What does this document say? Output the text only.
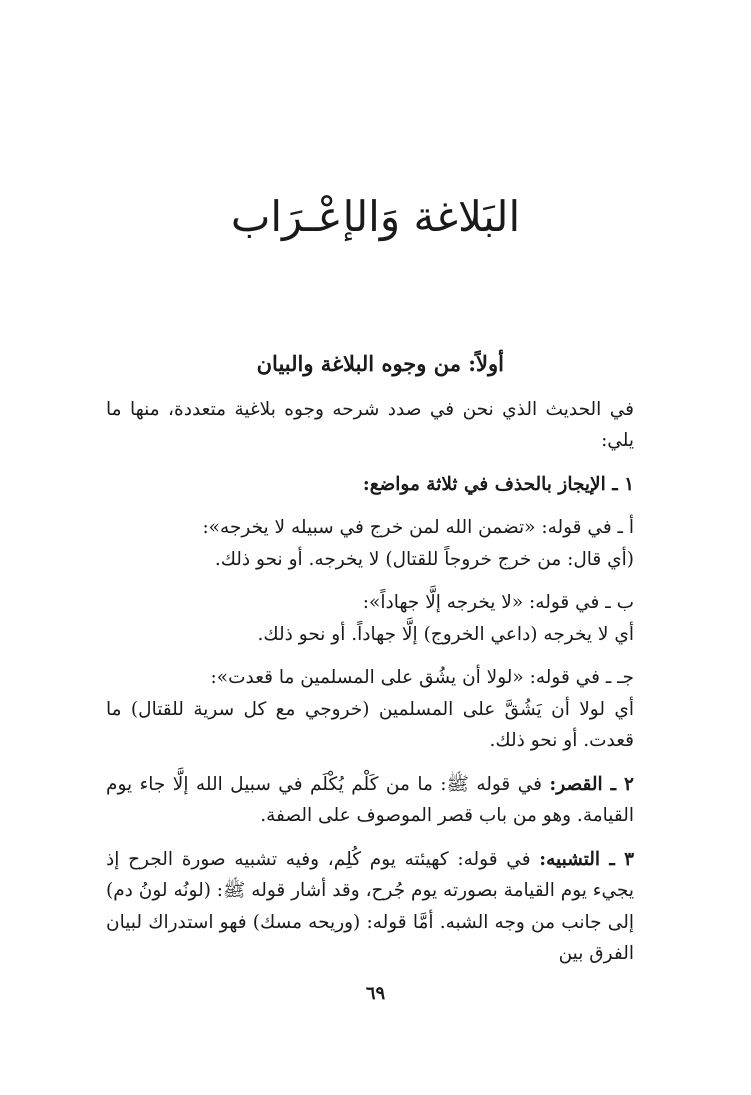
البَلاغة وَالإعْـرَاب

أولاً: من وجوه البلاغة والبيان

في الحديث الذي نحن في صدد شرحه وجوه بلاغية متعددة، منها ما يلي:

١ ـ الإيجاز بالحذف في ثلاثة مواضع:

أ ـ في قوله: «تضمن الله لمن خرج في سبيله لا يخرجه»:

(أي قال: من خرج خروجاً للقتال) لا يخرجه. أو نحو ذلك.

ب ـ في قوله: «لا يخرجه إلَّا جهاداً»:

أي لا يخرجه (داعي الخروج) إلَّا جهاداً. أو نحو ذلك.

جـ ـ في قوله: «لولا أن يشُق على المسلمين ما قعدت»:

أي لولا أن يَشُقَّ على المسلمين (خروجي مع كل سرية للقتال) ما قعدت. أو نحو ذلك.

٢ ـ القصر: في قوله ﷺ: ما من كَلْم يُكْلَم في سبيل الله إلَّا جاء يوم القيامة. وهو من باب قصر الموصوف على الصفة.

٣ ـ التشبيه: في قوله: كهيئته يوم كُلِم، وفيه تشبيه صورة الجرح إذ يجيء يوم القيامة بصورته يوم جُرح، وقد أشار قوله ﷺ: (لونُه لونُ دم) إلى جانب من وجه الشبه. أمَّا قوله: (وريحه مسك) فهو استدراك لبيان الفرق بين

٦٩
